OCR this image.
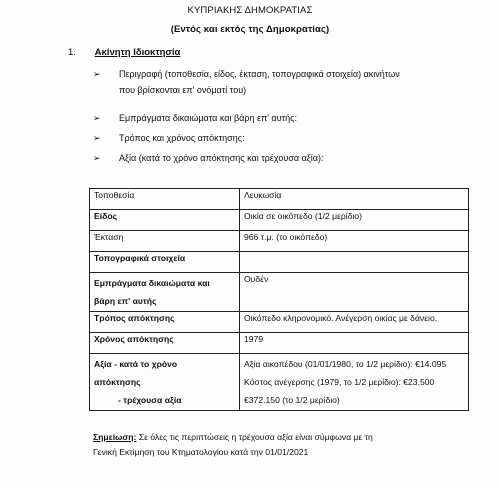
ΚΥΠΡΙΑΚΗΣ ΔΗΜΟΚΡΑΤΙΑΣ
(Εντός και εκτός της Δημοκρατίας)
1. Ακίνητη Ιδιοκτησία
➢ Περιγραφή (τοποθεσία, είδος, έκταση, τοπογραφικά στοιχεία) ακινήτων
που βρίσκονται επ' ονόματί του)
➢ Εμπράγματα δικαιώματα και βάρη επ' αυτής:
➢ Τρόπος και χρόνος απόκτησης:
➢ Αξία (κατά το χρόνο απόκτησης και τρέχουσα αξία):
Τοποθεσία	Λευκωσία
Είδος	Οικία σε οικόπεδο (1/2 μερίδιο)
Έκταση	966 τ.μ. (το οικόπεδο)
Τοπογραφικά στοιχεία	

Εμπράγματα δικαιώματα και
βάρη επ' αυτής	Ουδέν
Τρόπος απόκτησης	Οικόπεδο κληρονομικό. Ανέγερση οικίας με δάνειο.
Χρόνος απόκτησης	1979

Αξία - κατά το χρόνο
απόκτησης
- τρέχουσα αξία	Αξία αικοπέδου (01/01/1980, το 1/2 μερίδιο): €14.095
Κόστος ανέγερσης (1979, το 1/2 μερίδιο): €23.500
€372.150 (το 1/2 μερίδιο)
Σημείωση: Σε όλες τις περιπτώσεις η τρέχουσα αξία είναι σύμφωνα με τη
Γενική Εκτίμηση του Κτηματολογίου κατά την 01/01/2021
